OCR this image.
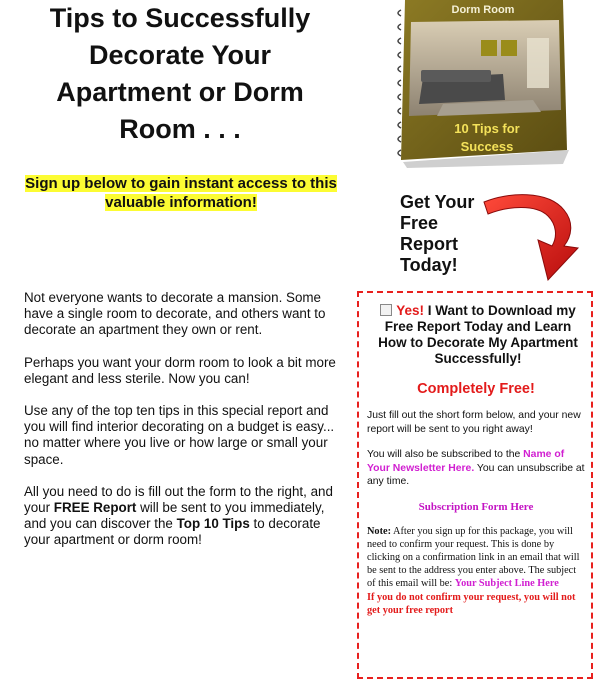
Tips to Successfully Decorate Your Apartment or Dorm Room . . .
Sign up below to gain instant access to this valuable information!
Dorm Room
10 Tips for
Success
Get Your
Free
Report
Today!

Not everyone wants to decorate a mansion. Some have a single room to decorate, and others want to decorate an apartment they own or rent.

Perhaps you want your dorm room to look a bit more elegant and less sterile. Now you can!

Use any of the top ten tips in this special report and you will find interior decorating on a budget is easy... no matter where you live or how large or small your space.

All you need to do is fill out the form to the right, and your FREE Report will be sent to you immediately, and you can discover the Top 10 Tips to decorate your apartment or dorm room!

Yes! I Want to Download my Free Report Today and Learn How to Decorate My Apartment Successfully!
Completely Free!

Just fill out the short form below, and your new report will be sent to you right away!

You will also be subscribed to the Name of Your Newsletter Here. You can unsubscribe at any time.

Subscription Form Here

Note: After you sign up for this package, you will need to confirm your request. This is done by clicking on a confirmation link in an email that will be sent to the address you enter above. The subject of this email will be: Your Subject Line Here
If you do not confirm your request, you will not get your free report
